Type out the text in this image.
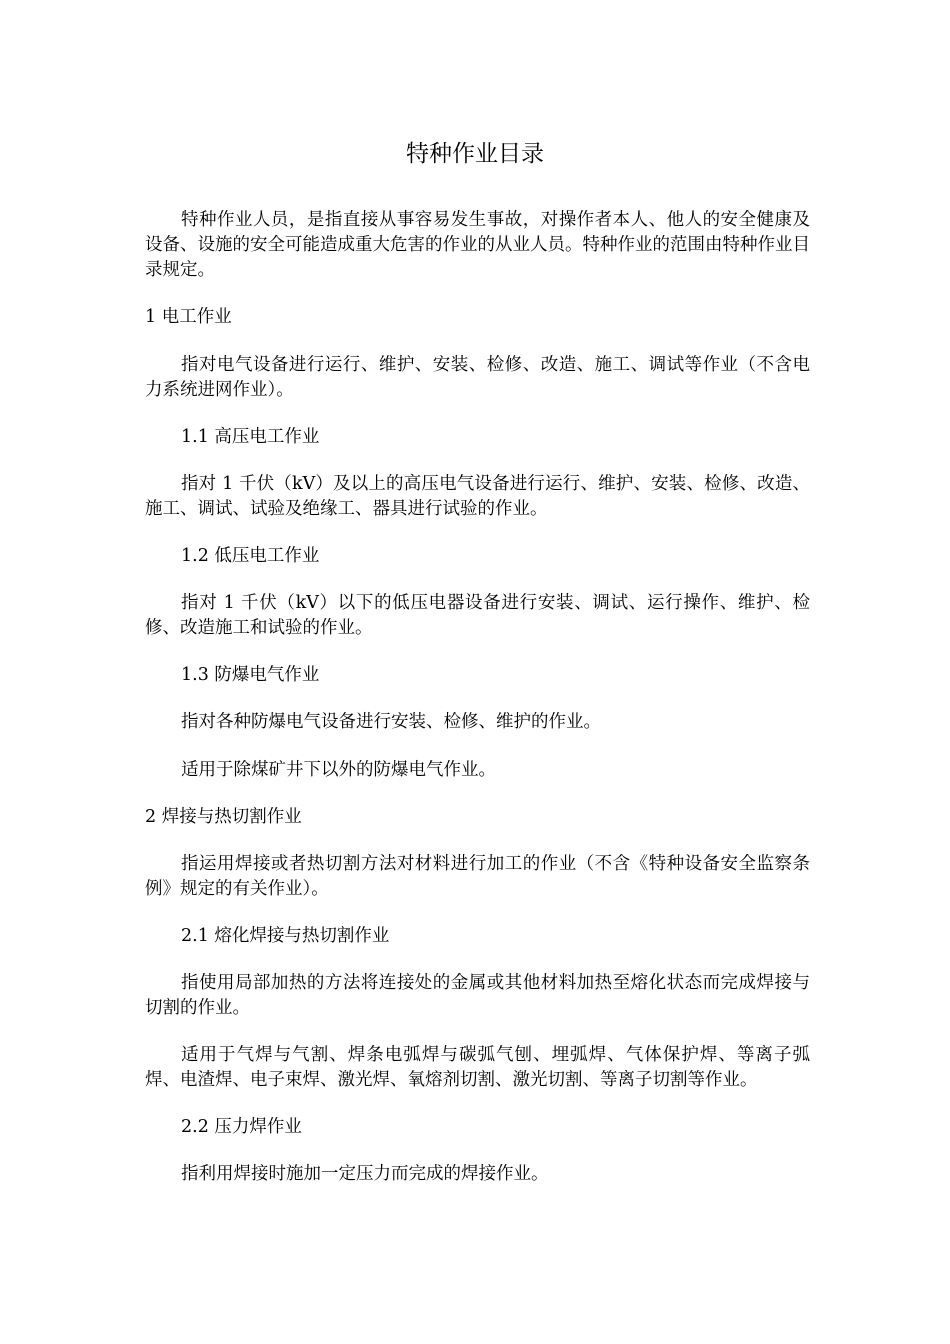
特种作业目录

特种作业人员，是指直接从事容易发生事故，对操作者本人、他人的安全健康及设备、设施的安全可能造成重大危害的作业的从业人员。特种作业的范围由特种作业目录规定。

1 电工作业

指对电气设备进行运行、维护、安装、检修、改造、施工、调试等作业（不含电力系统进网作业）。

1.1 高压电工作业

指对 1 千伏（kV）及以上的高压电气设备进行运行、维护、安装、检修、改造、施工、调试、试验及绝缘工、器具进行试验的作业。

1.2 低压电工作业

指对 1 千伏（kV）以下的低压电器设备进行安装、调试、运行操作、维护、检修、改造施工和试验的作业。

1.3 防爆电气作业

指对各种防爆电气设备进行安装、检修、维护的作业。

适用于除煤矿井下以外的防爆电气作业。

2 焊接与热切割作业

指运用焊接或者热切割方法对材料进行加工的作业（不含《特种设备安全监察条例》规定的有关作业）。

2.1 熔化焊接与热切割作业

指使用局部加热的方法将连接处的金属或其他材料加热至熔化状态而完成焊接与切割的作业。

适用于气焊与气割、焊条电弧焊与碳弧气刨、埋弧焊、气体保护焊、等离子弧焊、电渣焊、电子束焊、激光焊、氧熔剂切割、激光切割、等离子切割等作业。

2.2 压力焊作业

指利用焊接时施加一定压力而完成的焊接作业。
